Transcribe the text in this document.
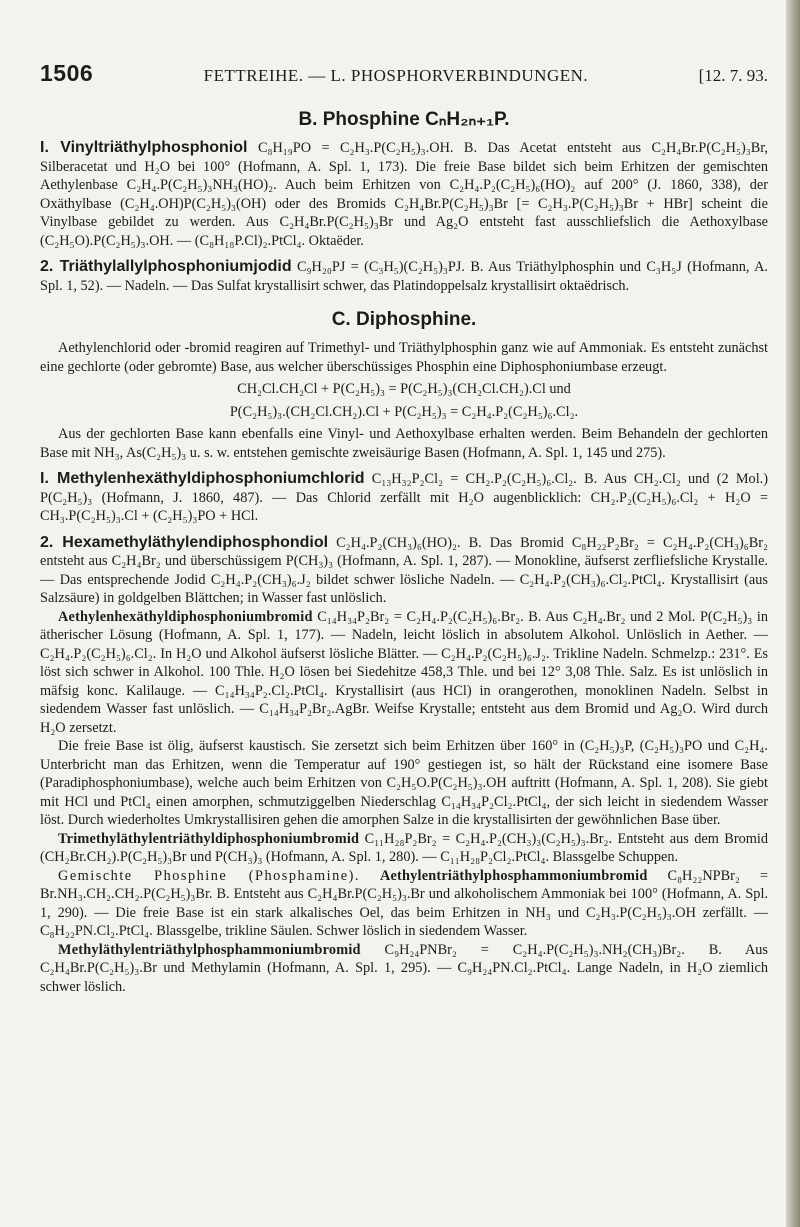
1506	FETTREIHE. — L. PHOSPHORVERBINDUNGEN.	[12. 7. 93.
B. Phosphine CₙH₂ₙ₊₁P.

I. Vinyltriäthylphosphoniol C₈H₁₉PO = C₂H₃.P(C₂H₅)₃.OH. B. Das Acetat entsteht aus C₂H₄Br.P(C₂H₅)₃Br, Silberacetat und H₂O bei 100° (Hofmann, A. Spl. 1, 173). Die freie Base bildet sich beim Erhitzen der gemischten Aethylenbase C₂H₄.P(C₂H₅)₃NH₃(HO)₂. Auch beim Erhitzen von C₂H₄.P₂(C₂H₅)₆(HO)₂ auf 200° (J. 1860, 338), der Oxäthylbase (C₂H₄.OH)P(C₂H₅)₃(OH) oder des Bromids C₂H₄Br.P(C₂H₅)₃Br [= C₂H₃.P(C₂H₅)₃Br + HBr] scheint die Vinylbase gebildet zu werden. Aus C₂H₄Br.P(C₂H₅)₃Br und Ag₂O entsteht fast ausschliefslich die Aethoxylbase (C₂H₅O).P(C₂H₅)₃.OH. — (C₈H₁₈P.Cl)₂.PtCl₄. Oktaëder.

2. Triäthylallylphosphoniumjodid C₉H₂₀PJ = (C₃H₅)(C₂H₅)₃PJ. B. Aus Triäthylphosphin und C₃H₅J (Hofmann, A. Spl. 1, 52). — Nadeln. — Das Sulfat krystallisirt schwer, das Platindoppelsalz krystallisirt oktaëdrisch.

C. Diphosphine.

Aethylenchlorid oder -bromid reagiren auf Trimethyl- und Triäthylphosphin ganz wie auf Ammoniak. Es entsteht zunächst eine gechlorte (oder gebromte) Base, aus welcher überschüssiges Phosphin eine Diphosphoniumbase erzeugt.

CH₂Cl.CH₂Cl + P(C₂H₅)₃ = P(C₂H₅)₃(CH₂Cl.CH₂).Cl und
P(C₂H₅)₃.(CH₂Cl.CH₂).Cl + P(C₂H₅)₃ = C₂H₄.P₂(C₂H₅)₆.Cl₂.

Aus der gechlorten Base kann ebenfalls eine Vinyl- und Aethoxylbase erhalten werden. Beim Behandeln der gechlorten Base mit NH₃, As(C₂H₅)₃ u. s. w. entstehen gemischte zweisäurige Basen (Hofmann, A. Spl. 1, 145 und 275).

I. Methylenhexäthyldiphosphoniumchlorid C₁₃H₃₂P₂Cl₂ = CH₂.P₂(C₂H₅)₆.Cl₂. B. Aus CH₂.Cl₂ und (2 Mol.) P(C₂H₅)₃ (Hofmann, J. 1860, 487). — Das Chlorid zerfällt mit H₂O augenblicklich: CH₂.P₂(C₂H₅)₆.Cl₂ + H₂O = CH₃.P(C₂H₅)₃.Cl + (C₂H₅)₃PO + HCl.

2. Hexamethyläthylendiphosphondiol C₂H₄.P₂(CH₃)₆(HO)₂. B. Das Bromid C₈H₂₂P₂Br₂ = C₂H₄.P₂(CH₃)₆Br₂ entsteht aus C₂H₄Br₂ und überschüssigem P(CH₃)₃ (Hofmann, A. Spl. 1, 287). — Monokline, äufserst zerfliefsliche Krystalle. — Das entsprechende Jodid C₂H₄.P₂(CH₃)₆.J₂ bildet schwer lösliche Nadeln. — C₂H₄.P₂(CH₃)₆.Cl₂.PtCl₄. Krystallisirt (aus Salzsäure) in goldgelben Blättchen; in Wasser fast unlöslich.

Aethylenhexäthyldiphosphoniumbromid C₁₄H₃₄P₂Br₂ = C₂H₄.P₂(C₂H₅)₆.Br₂. B. Aus C₂H₄.Br₂ und 2 Mol. P(C₂H₅)₃ in ätherischer Lösung (Hofmann, A. Spl. 1, 177). — Nadeln, leicht löslich in absolutem Alkohol. Unlöslich in Aether. — C₂H₄.P₂(C₂H₅)₆.Cl₂. In H₂O und Alkohol äufserst lösliche Blätter. — C₂H₄.P₂(C₂H₅)₆.J₂. Trikline Nadeln. Schmelzp.: 231°. Es löst sich schwer in Alkohol. 100 Thle. H₂O lösen bei Siedehitze 458,3 Thle. und bei 12° 3,08 Thle. Salz. Es ist unlöslich in mäfsig konc. Kalilauge. — C₁₄H₃₄P₂.Cl₂.PtCl₄. Krystallisirt (aus HCl) in orangerothen, monoklinen Nadeln. Selbst in siedendem Wasser fast unlöslich. — C₁₄H₃₄P₂Br₂.AgBr. Weifse Krystalle; entsteht aus dem Bromid und Ag₂O. Wird durch H₂O zersetzt.

Die freie Base ist ölig, äufserst kaustisch. Sie zersetzt sich beim Erhitzen über 160° in (C₂H₅)₃P, (C₂H₅)₃PO und C₂H₄. Unterbricht man das Erhitzen, wenn die Temperatur auf 190° gestiegen ist, so hält der Rückstand eine isomere Base (Paradiphosphoniumbase), welche auch beim Erhitzen von C₂H₅O.P(C₂H₅)₃.OH auftritt (Hofmann, A. Spl. 1, 208). Sie giebt mit HCl und PtCl₄ einen amorphen, schmutziggelben Niederschlag C₁₄H₃₄P₂Cl₂.PtCl₄, der sich leicht in siedendem Wasser löst. Durch wiederholtes Umkrystallisiren gehen die amorphen Salze in die krystallisirten der gewöhnlichen Base über.

Trimethyläthylentriäthyldiphosphoniumbromid C₁₁H₂₈P₂Br₂ = C₂H₄.P₂(CH₃)₃(C₂H₅)₃.Br₂. Entsteht aus dem Bromid (CH₂Br.CH₂).P(C₂H₅)₃Br und P(CH₃)₃ (Hofmann, A. Spl. 1, 280). — C₁₁H₂₈P₂Cl₂.PtCl₄. Blassgelbe Schuppen.

Gemischte Phosphine (Phosphamine). Aethylentriäthylphosphammoniumbromid C₈H₂₂NPBr₂ = Br.NH₃.CH₂.CH₂.P(C₂H₅)₃Br. B. Entsteht aus C₂H₄Br.P(C₂H₅)₃.Br und alkoholischem Ammoniak bei 100° (Hofmann, A. Spl. 1, 290). — Die freie Base ist ein stark alkalisches Oel, das beim Erhitzen in NH₃ und C₂H₃.P(C₂H₅)₃.OH zerfällt. — C₈H₂₂PN.Cl₂.PtCl₄. Blassgelbe, trikline Säulen. Schwer löslich in siedendem Wasser.

Methyläthylentriäthylphosphammoniumbromid C₉H₂₄PNBr₂ = C₂H₄.P(C₂H₅)₃.NH₂(CH₃)Br₂. B. Aus C₂H₄Br.P(C₂H₅)₃.Br und Methylamin (Hofmann, A. Spl. 1, 295). — C₉H₂₄PN.Cl₂.PtCl₄. Lange Nadeln, in H₂O ziemlich schwer löslich.
